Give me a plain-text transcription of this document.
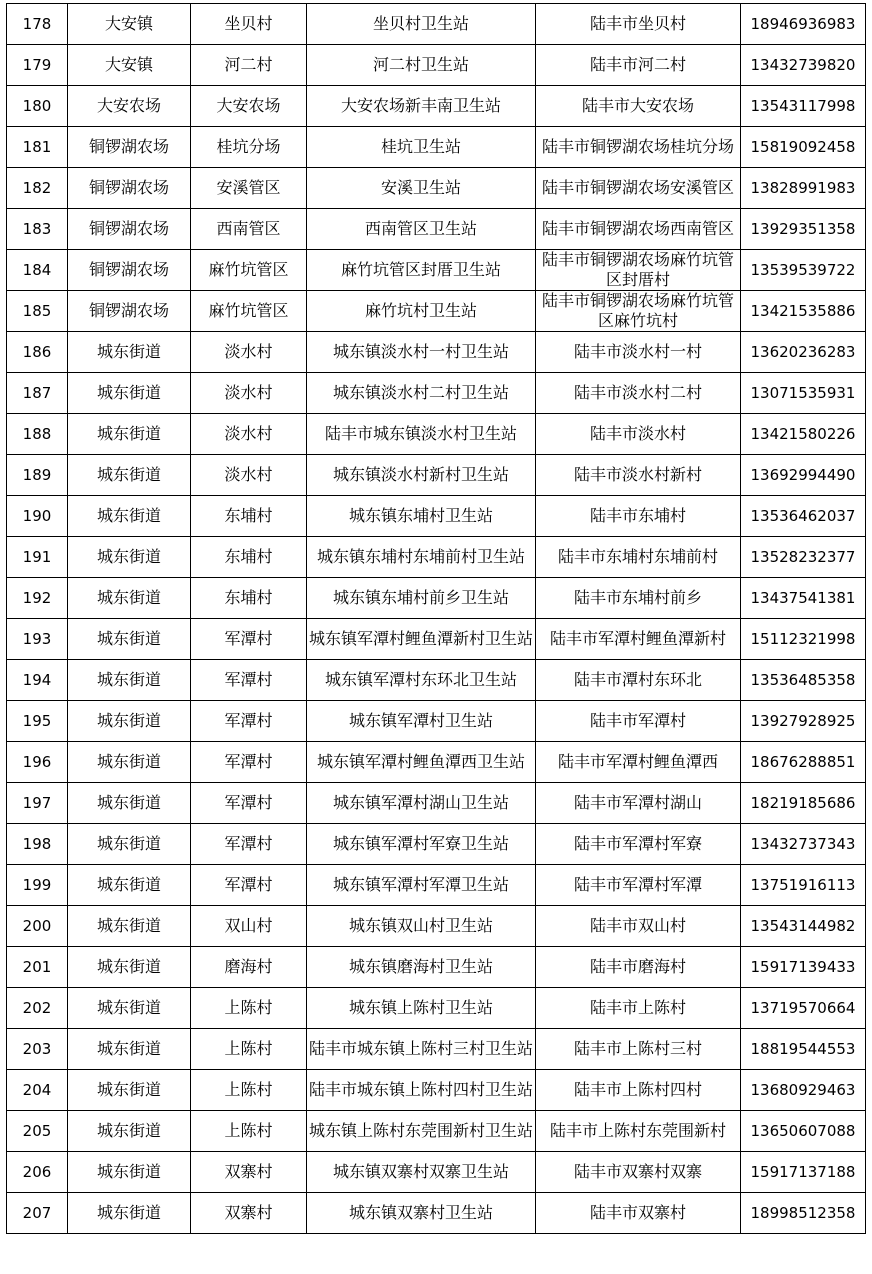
178	大安镇	坐贝村	坐贝村卫生站	陆丰市坐贝村	18946936983
179	大安镇	河二村	河二村卫生站	陆丰市河二村	13432739820
180	大安农场	大安农场	大安农场新丰南卫生站	陆丰市大安农场	13543117998
181	铜锣湖农场	桂坑分场	桂坑卫生站	陆丰市铜锣湖农场桂坑分场	15819092458
182	铜锣湖农场	安溪管区	安溪卫生站	陆丰市铜锣湖农场安溪管区	13828991983
183	铜锣湖农场	西南管区	西南管区卫生站	陆丰市铜锣湖农场西南管区	13929351358
184	铜锣湖农场	麻竹坑管区	麻竹坑管区封厝卫生站	陆丰市铜锣湖农场麻竹坑管区封厝村	13539539722
185	铜锣湖农场	麻竹坑管区	麻竹坑村卫生站	陆丰市铜锣湖农场麻竹坑管区麻竹坑村	13421535886
186	城东街道	淡水村	城东镇淡水村一村卫生站	陆丰市淡水村一村	13620236283
187	城东街道	淡水村	城东镇淡水村二村卫生站	陆丰市淡水村二村	13071535931
188	城东街道	淡水村	陆丰市城东镇淡水村卫生站	陆丰市淡水村	13421580226
189	城东街道	淡水村	城东镇淡水村新村卫生站	陆丰市淡水村新村	13692994490
190	城东街道	东埔村	城东镇东埔村卫生站	陆丰市东埔村	13536462037
191	城东街道	东埔村	城东镇东埔村东埔前村卫生站	陆丰市东埔村东埔前村	13528232377
192	城东街道	东埔村	城东镇东埔村前乡卫生站	陆丰市东埔村前乡	13437541381
193	城东街道	军潭村	城东镇军潭村鲤鱼潭新村卫生站	陆丰市军潭村鲤鱼潭新村	15112321998
194	城东街道	军潭村	城东镇军潭村东环北卫生站	陆丰市潭村东环北	13536485358
195	城东街道	军潭村	城东镇军潭村卫生站	陆丰市军潭村	13927928925
196	城东街道	军潭村	城东镇军潭村鲤鱼潭西卫生站	陆丰市军潭村鲤鱼潭西	18676288851
197	城东街道	军潭村	城东镇军潭村湖山卫生站	陆丰市军潭村湖山	18219185686
198	城东街道	军潭村	城东镇军潭村军寮卫生站	陆丰市军潭村军寮	13432737343
199	城东街道	军潭村	城东镇军潭村军潭卫生站	陆丰市军潭村军潭	13751916113
200	城东街道	双山村	城东镇双山村卫生站	陆丰市双山村	13543144982
201	城东街道	磨海村	城东镇磨海村卫生站	陆丰市磨海村	15917139433
202	城东街道	上陈村	城东镇上陈村卫生站	陆丰市上陈村	13719570664
203	城东街道	上陈村	陆丰市城东镇上陈村三村卫生站	陆丰市上陈村三村	18819544553
204	城东街道	上陈村	陆丰市城东镇上陈村四村卫生站	陆丰市上陈村四村	13680929463
205	城东街道	上陈村	城东镇上陈村东莞围新村卫生站	陆丰市上陈村东莞围新村	13650607088
206	城东街道	双寨村	城东镇双寨村双寨卫生站	陆丰市双寨村双寨	15917137188
207	城东街道	双寨村	城东镇双寨村卫生站	陆丰市双寨村	18998512358
